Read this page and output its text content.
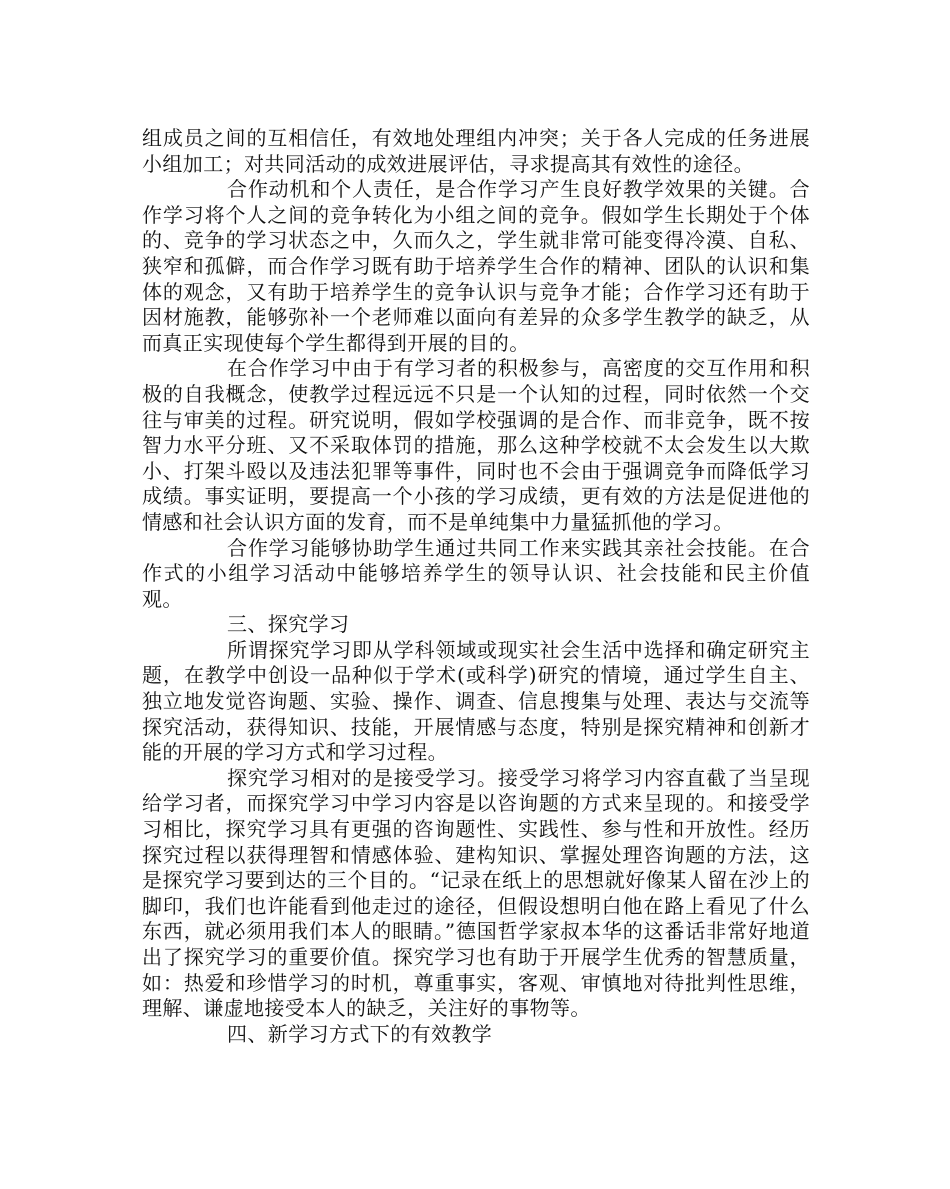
组成员之间的互相信任，有效地处理组内冲突；关于各人完成的任务进展小组加工；对共同活动的成效进展评估，寻求提高其有效性的途径。

合作动机和个人责任，是合作学习产生良好教学效果的关键。合作学习将个人之间的竞争转化为小组之间的竞争。假如学生长期处于个体的、竞争的学习状态之中，久而久之，学生就非常可能变得冷漠、自私、狭窄和孤僻，而合作学习既有助于培养学生合作的精神、团队的认识和集体的观念，又有助于培养学生的竞争认识与竞争才能；合作学习还有助于因材施教，能够弥补一个老师难以面向有差异的众多学生教学的缺乏，从而真正实现使每个学生都得到开展的目的。

在合作学习中由于有学习者的积极参与，高密度的交互作用和积极的自我概念，使教学过程远远不只是一个认知的过程，同时依然一个交往与审美的过程。研究说明，假如学校强调的是合作、而非竞争，既不按智力水平分班、又不采取体罚的措施，那么这种学校就不太会发生以大欺小、打架斗殴以及违法犯罪等事件，同时也不会由于强调竞争而降低学习成绩。事实证明，要提高一个小孩的学习成绩，更有效的方法是促进他的情感和社会认识方面的发育，而不是单纯集中力量猛抓他的学习。

合作学习能够协助学生通过共同工作来实践其亲社会技能。在合作式的小组学习活动中能够培养学生的领导认识、社会技能和民主价值观。

三、探究学习

所谓探究学习即从学科领域或现实社会生活中选择和确定研究主题，在教学中创设一品种似于学术(或科学)研究的情境，通过学生自主、独立地发觉咨询题、实验、操作、调查、信息搜集与处理、表达与交流等探究活动，获得知识、技能，开展情感与态度，特别是探究精神和创新才能的开展的学习方式和学习过程。

探究学习相对的是接受学习。接受学习将学习内容直截了当呈现给学习者，而探究学习中学习内容是以咨询题的方式来呈现的。和接受学习相比，探究学习具有更强的咨询题性、实践性、参与性和开放性。经历探究过程以获得理智和情感体验、建构知识、掌握处理咨询题的方法，这是探究学习要到达的三个目的。“记录在纸上的思想就好像某人留在沙上的脚印，我们也许能看到他走过的途径，但假设想明白他在路上看见了什么东西，就必须用我们本人的眼睛。”德国哲学家叔本华的这番话非常好地道出了探究学习的重要价值。探究学习也有助于开展学生优秀的智慧质量，如：热爱和珍惜学习的时机，尊重事实，客观、审慎地对待批判性思维，理解、谦虚地接受本人的缺乏，关注好的事物等。

四、新学习方式下的有效教学
